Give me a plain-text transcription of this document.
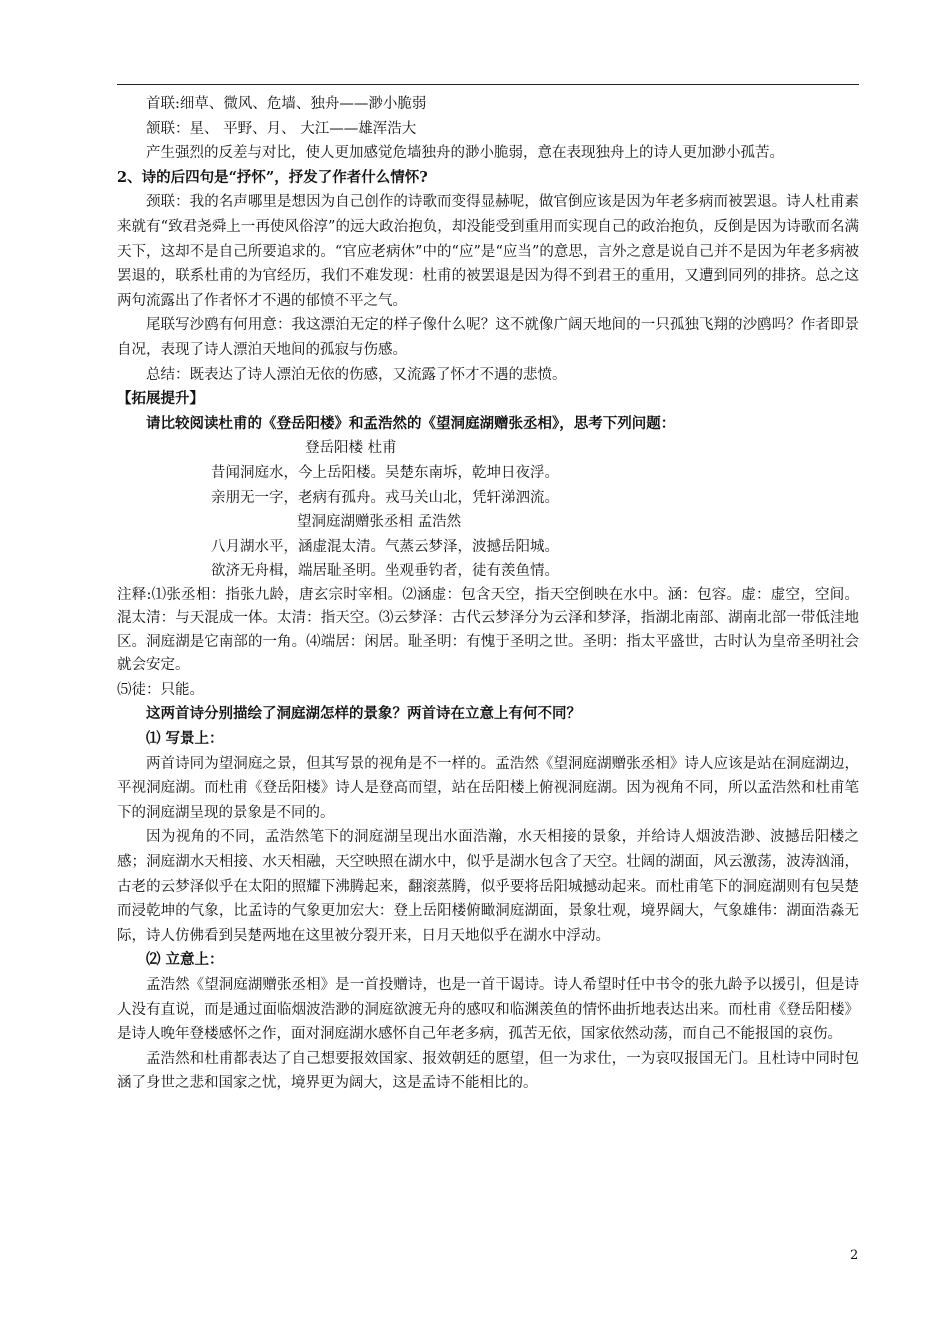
首联:细草、微风、危墙、独舟——渺小脆弱

颔联：星、 平野、月、 大江——雄浑浩大

产生强烈的反差与对比，使人更加感觉危墙独舟的渺小脆弱，意在表现独舟上的诗人更加渺小孤苦。

2、诗的后四句是“抒怀”，抒发了作者什么情怀?

颈联：我的名声哪里是想因为自己创作的诗歌而变得显赫呢，做官倒应该是因为年老多病而被罢退。诗人杜甫素来就有“致君尧舜上一再使风俗淳”的远大政治抱负，却没能受到重用而实现自己的政治抱负，反倒是因为诗歌而名满天下，这却不是自己所要追求的。“官应老病休”中的“应”是“应当”的意思，言外之意是说自己并不是因为年老多病被罢退的，联系杜甫的为官经历，我们不难发现：杜甫的被罢退是因为得不到君王的重用，又遭到同列的排挤。总之这两句流露出了作者怀才不遇的郁愤不平之气。

尾联写沙鸥有何用意：我这漂泊无定的样子像什么呢？这不就像广阔天地间的一只孤独飞翔的沙鸥吗？作者即景自况，表现了诗人漂泊天地间的孤寂与伤感。

总结：既表达了诗人漂泊无依的伤感，又流露了怀才不遇的悲愤。

【拓展提升】

请比较阅读杜甫的《登岳阳楼》和孟浩然的《望洞庭湖赠张丞相》，思考下列问题：

登岳阳楼 杜甫

昔闻洞庭水，今上岳阳楼。吴楚东南坼，乾坤日夜浮。

亲朋无一字，老病有孤舟。戎马关山北，凭轩涕泗流。

望洞庭湖赠张丞相 孟浩然

八月湖水平，涵虚混太清。气蒸云梦泽，波撼岳阳城。

欲济无舟楫，端居耻圣明。坐观垂钓者，徒有羡鱼情。

注释:⑴张丞相：指张九龄，唐玄宗时宰相。⑵涵虚：包含天空，指天空倒映在水中。涵：包容。虚：虚空，空间。混太清：与天混成一体。太清：指天空。⑶云梦泽：古代云梦泽分为云泽和梦泽，指湖北南部、湖南北部一带低洼地区。洞庭湖是它南部的一角。⑷端居：闲居。耻圣明：有愧于圣明之世。圣明：指太平盛世，古时认为皇帝圣明社会就会安定。

⑸徒：只能。

这两首诗分别描绘了洞庭湖怎样的景象？两首诗在立意上有何不同？

⑴ 写景上：

两首诗同为望洞庭之景，但其写景的视角是不一样的。孟浩然《望洞庭湖赠张丞相》诗人应该是站在洞庭湖边，平视洞庭湖。而杜甫《登岳阳楼》诗人是登高而望，站在岳阳楼上俯视洞庭湖。因为视角不同，所以孟浩然和杜甫笔下的洞庭湖呈现的景象是不同的。

因为视角的不同，孟浩然笔下的洞庭湖呈现出水面浩瀚，水天相接的景象，并给诗人烟波浩渺、波撼岳阳楼之感；洞庭湖水天相接、水天相融，天空映照在湖水中，似乎是湖水包含了天空。壮阔的湖面，风云激荡，波涛汹涌，古老的云梦泽似乎在太阳的照耀下沸腾起来，翻滚蒸腾，似乎要将岳阳城撼动起来。而杜甫笔下的洞庭湖则有包吴楚而浸乾坤的气象，比孟诗的气象更加宏大：登上岳阳楼俯瞰洞庭湖面，景象壮观，境界阔大，气象雄伟：湖面浩淼无际，诗人仿佛看到吴楚两地在这里被分裂开来，日月天地似乎在湖水中浮动。

⑵ 立意上：

孟浩然《望洞庭湖赠张丞相》是一首投赠诗，也是一首干谒诗。诗人希望时任中书令的张九龄予以援引，但是诗人没有直说，而是通过面临烟波浩渺的洞庭欲渡无舟的感叹和临渊羡鱼的情怀曲折地表达出来。而杜甫《登岳阳楼》是诗人晚年登楼感怀之作，面对洞庭湖水感怀自己年老多病，孤苦无依，国家依然动荡，而自己不能报国的哀伤。

孟浩然和杜甫都表达了自己想要报效国家、报效朝廷的愿望，但一为求仕，一为哀叹报国无门。且杜诗中同时包涵了身世之悲和国家之忧，境界更为阔大，这是孟诗不能相比的。

2
